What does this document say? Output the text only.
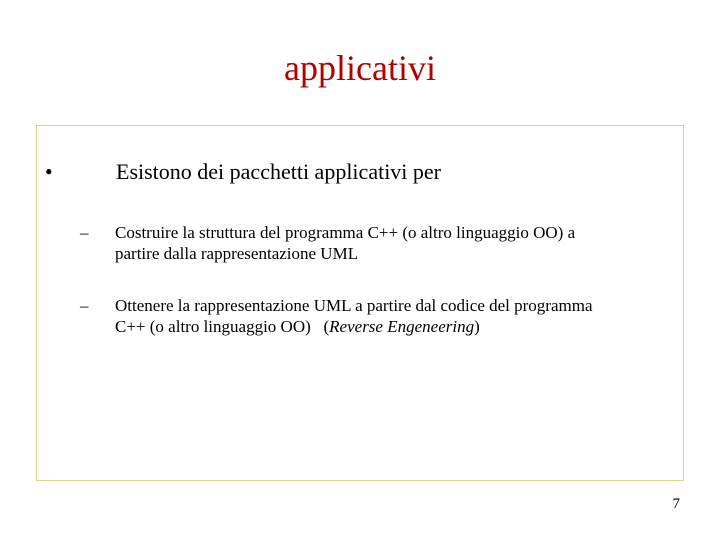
applicativi
•	Esistono dei pacchetti applicativi per
– Costruire la struttura del programma C++ (o altro linguaggio OO) a
partire dalla rappresentazione UML
– Ottenere la rappresentazione UML a partire dal codice del programma
C++ (o altro linguaggio OO)   (Reverse Engeneering)
7
